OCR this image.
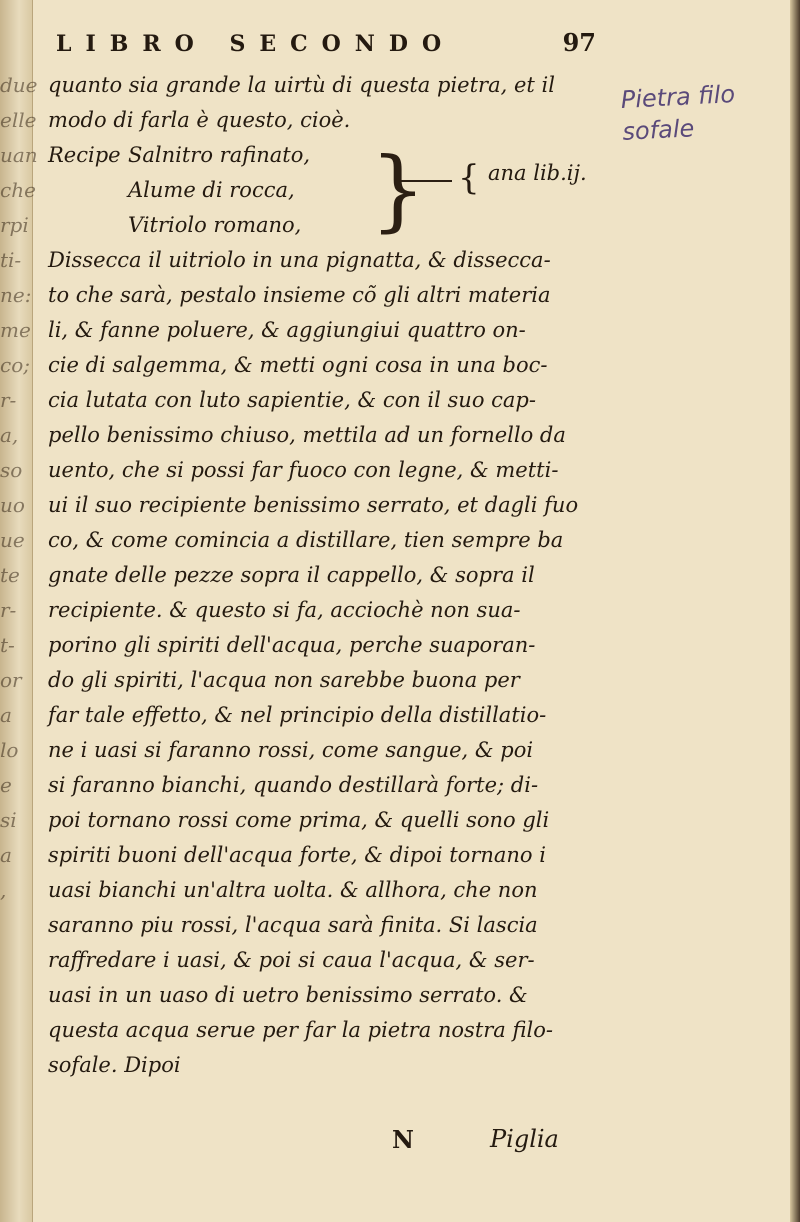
due
elle
uan
che
rpi
ti-
ne:
me
co;
r-
a,
so
uo
ue
te
r-
t-
or
a
lo
e
si
a
,

LIBRO SECONDO	97
quanto sia grande la uirtù di questa pietra, et il
modo di farla è questo, cioè.
Recipe Salnitro rafinato,
Alume di rocca,
Vitriolo romano, } { ana lib.ij.
Dissecca il uitriolo in una pignatta, & dissecca-
to che sarà, pestalo insieme cõ gli altri materia
li, & fanne poluere, & aggiungiui quattro on-
cie di salgemma, & metti ogni cosa in una boc-
cia lutata con luto sapientie, & con il suo cap-
pello benissimo chiuso, mettila ad un fornello da
uento, che si possi far fuoco con legne, & metti-
ui il suo recipiente benissimo serrato, et dagli fuo
co, & come comincia a distillare, tien sempre ba
gnate delle pezze sopra il cappello, & sopra il
recipiente. & questo si fa, acciochè non sua-
porino gli spiriti dell'acqua, perche suaporan-
do gli spiriti, l'acqua non sarebbe buona per
far tale effetto, & nel principio della distillatio-
ne i uasi si faranno rossi, come sangue, & poi
si faranno bianchi, quando destillarà forte; di-
poi tornano rossi come prima, & quelli sono gli
spiriti buoni dell'acqua forte, & dipoi tornano i
uasi bianchi un'altra uolta. & allhora, che non
saranno piu rossi, l'acqua sarà finita. Si lascia
raffredare i uasi, & poi si caua l'acqua, & ser-
uasi in un uaso di uetro benissimo serrato. &
questa acqua serue per far la pietra nostra filo-
sofale. Dipoi
Pietra filo
sofale
N	Piglia
